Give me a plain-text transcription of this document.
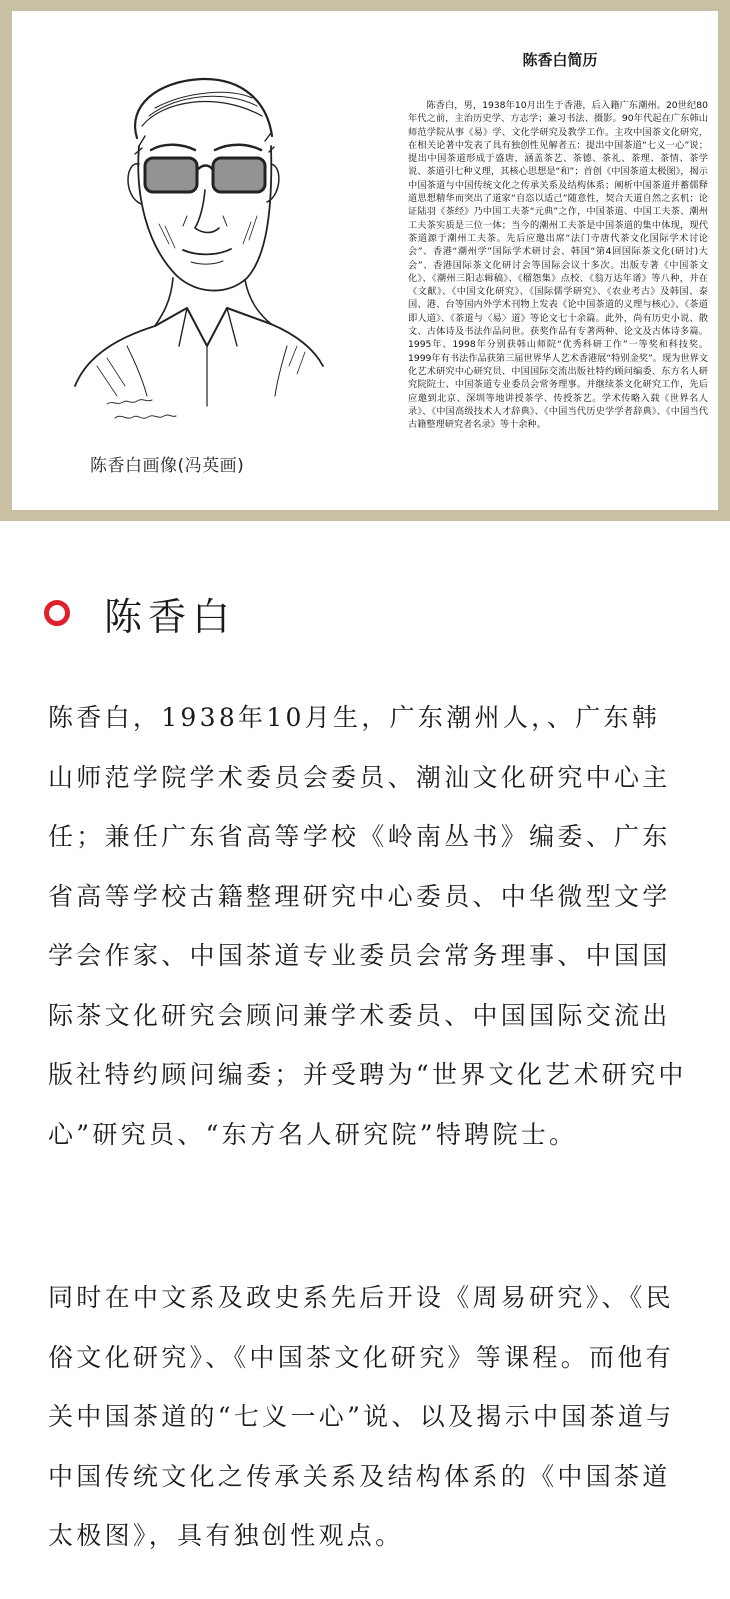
陈香白画像(冯英画)
陈香白简历
陈香白，男，1938年10月出生于香港，后入籍广东潮州。20世纪80年代之前，主治历史学、方志学；兼习书法、摄影。90年代起在广东韩山师范学院从事《易》学、文化学研究及教学工作。主攻中国茶文化研究，在相关论著中发表了具有独创性见解者五：提出中国茶道“七义一心”说；提出中国茶道形成于盛唐，涵盖茶艺、茶德、茶礼、茶理、茶情、茶学说、茶道引七种义理，其核心思想是“和”；首创《中国茶道太极图》，揭示中国茶道与中国传统文化之传承关系及结构体系；阐析中国茶道并蓄儒释道思想精华而突出了道家“自恣以适己”随意性，契合天道自然之玄机；论证陆羽《茶经》乃中国工夫茶“元典”之作，中国茶道、中国工夫茶、潮州工夫茶实质是三位一体；当今的潮州工夫茶是中国茶道的集中体现，现代茶道源于潮州工夫茶。先后应邀出席“法门寺唐代茶文化国际学术讨论会”、香港“潮州学”国际学术研讨会、韩国“第4回国际茶文化(研讨)大会”、香港国际茶文化研讨会等国际会议十多次。出版专著《中国茶文化》、《潮州三阳志辑稿》、《榴怨集》点校、《翁万达年谱》等八种，并在《文献》、《中国文化研究》、《国际儒学研究》、《农业考古》及韩国、泰国、港、台等国内外学术刊物上发表《论中国茶道的义理与核心》、《茶道即人道》、《茶道与〈易〉道》等论文七十余篇。此外，尚有历史小说、散文、古体诗及书法作品问世。获奖作品有专著两种、论文及古体诗多篇。1995年、1998年分别获韩山师院“优秀科研工作”一等奖和科技奖。1999年有书法作品获第三届世界华人艺术香港展“特别金奖”。现为世界文化艺术研究中心研究员、中国国际交流出版社特约顾问编委、东方名人研究院院士、中国茶道专业委员会常务理事。并继续茶文化研究工作，先后应邀到北京、深圳等地讲授茶学、传授茶艺。学术传略入载《世界名人录》、《中国高级技术人才辞典》、《中国当代历史学学者辞典》、《中国当代古籍整理研究者名录》等十余种。
陈香白
陈香白，1938年10月生，广东潮州人，、广东韩山师范学院学术委员会委员、潮汕文化研究中心主任；兼任广东省高等学校《岭南丛书》编委、广东省高等学校古籍整理研究中心委员、中华微型文学学会作家、中国茶道专业委员会常务理事、中国国际茶文化研究会顾问兼学术委员、中国国际交流出版社特约顾问编委；并受聘为“世界文化艺术研究中心”研究员、“东方名人研究院”特聘院士。
同时在中文系及政史系先后开设《周易研究》、《民俗文化研究》、《中国茶文化研究》等课程。而他有关中国茶道的“七义一心”说、以及揭示中国茶道与中国传统文化之传承关系及结构体系的《中国茶道太极图》，具有独创性观点。
